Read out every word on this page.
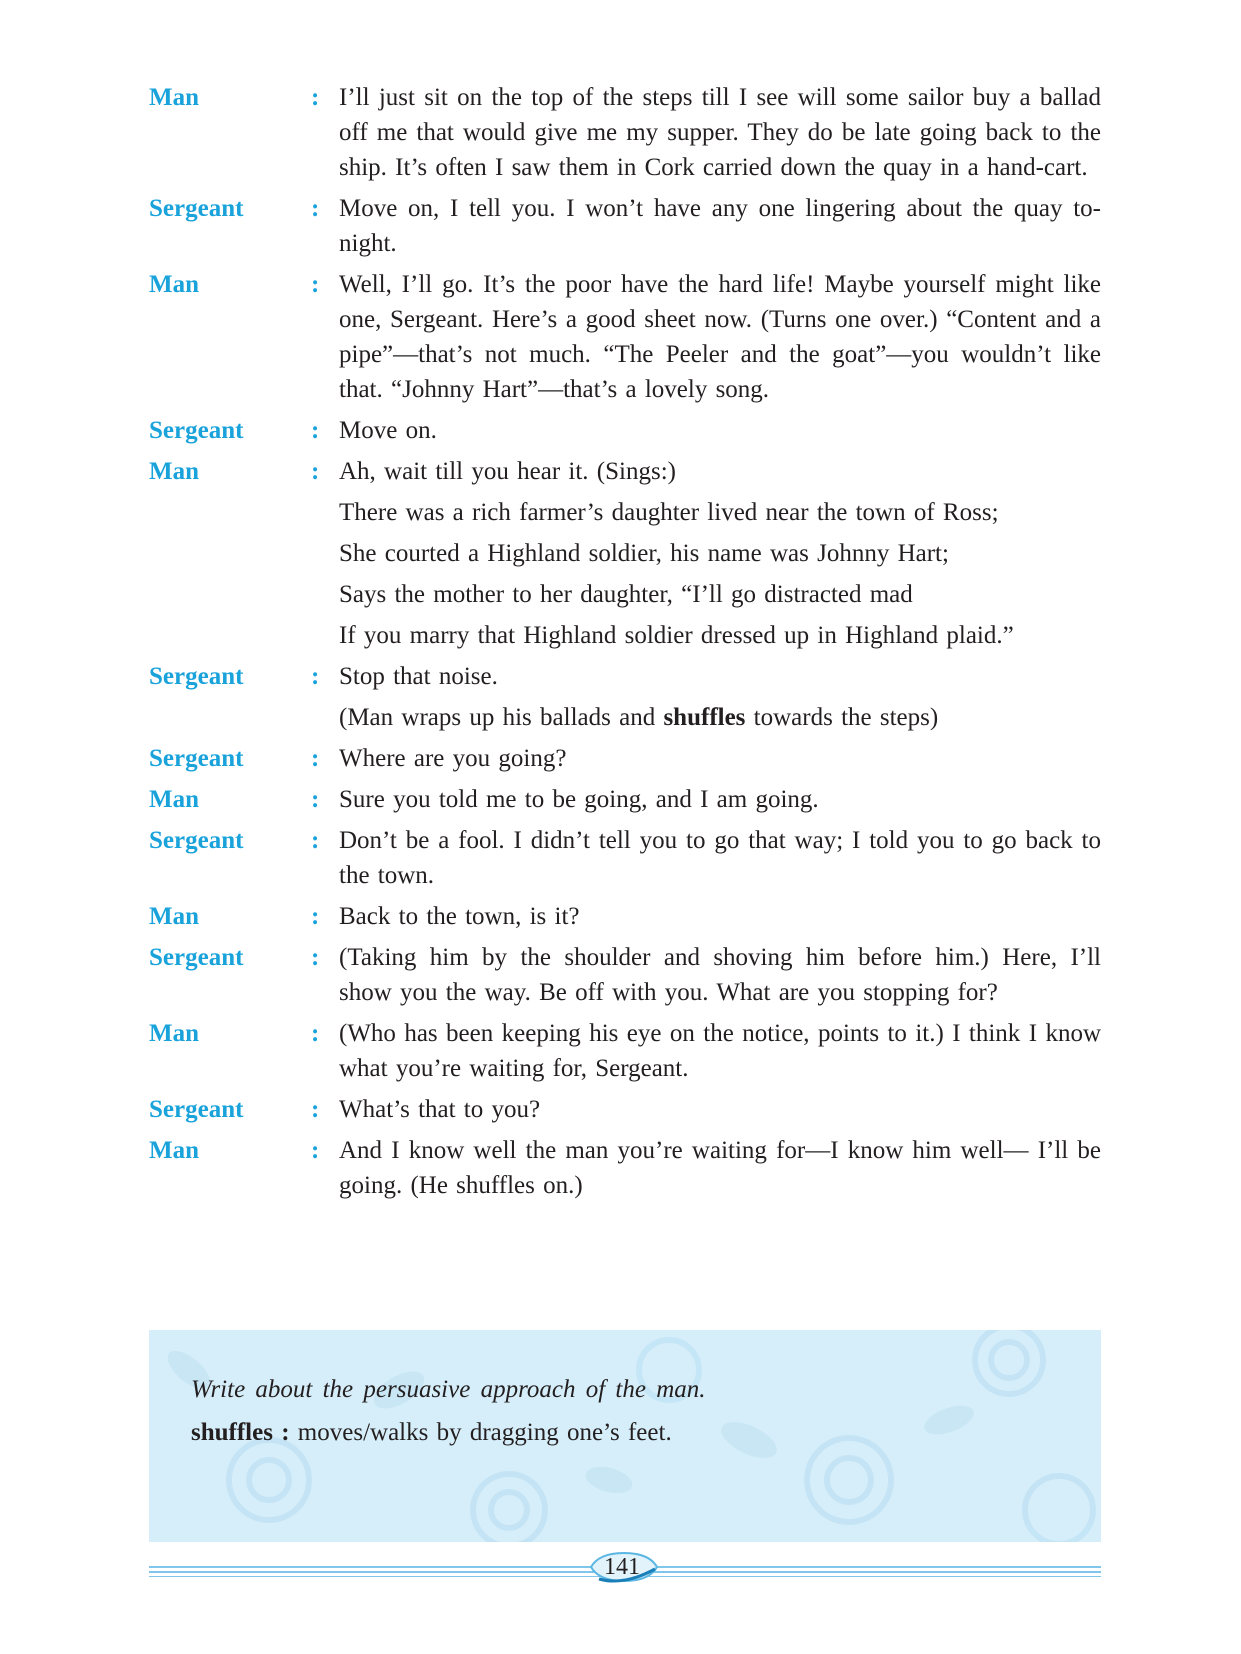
Man	: I’ll just sit on the top of the steps till I see will some sailor buy a ballad off me that would give me my supper. They do be late going back to the ship. It’s often I saw them in Cork carried down the quay in a hand-cart.
Sergeant	: Move on, I tell you. I won’t have any one lingering about the quay to-night.
Man	: Well, I’ll go. It’s the poor have the hard life! Maybe yourself might like one, Sergeant. Here’s a good sheet now. (Turns one over.) “Content and a pipe”—that’s not much. “The Peeler and the goat”—you wouldn’t like that. “Johnny Hart”—that’s a lovely song.
Sergeant	: Move on.
Man	: Ah, wait till you hear it. (Sings:)
There was a rich farmer’s daughter lived near the town of Ross;
She courted a Highland soldier, his name was Johnny Hart;
Says the mother to her daughter, “I’ll go distracted mad
If you marry that Highland soldier dressed up in Highland plaid.”
Sergeant	: Stop that noise.
(Man wraps up his ballads and shuffles towards the steps)
Sergeant	: Where are you going?
Man	: Sure you told me to be going, and I am going.
Sergeant	: Don’t be a fool. I didn’t tell you to go that way; I told you to go back to the town.
Man	: Back to the town, is it?
Sergeant	: (Taking him by the shoulder and shoving him before him.) Here, I’ll show you the way. Be off with you. What are you stopping for?
Man	: (Who has been keeping his eye on the notice, points to it.) I think I know what you’re waiting for, Sergeant.
Sergeant	: What’s that to you?
Man	: And I know well the man you’re waiting for—I know him well— I’ll be going. (He shuffles on.)
Write about the persuasive approach of the man.
shuffles : moves/walks by dragging one’s feet.
141
